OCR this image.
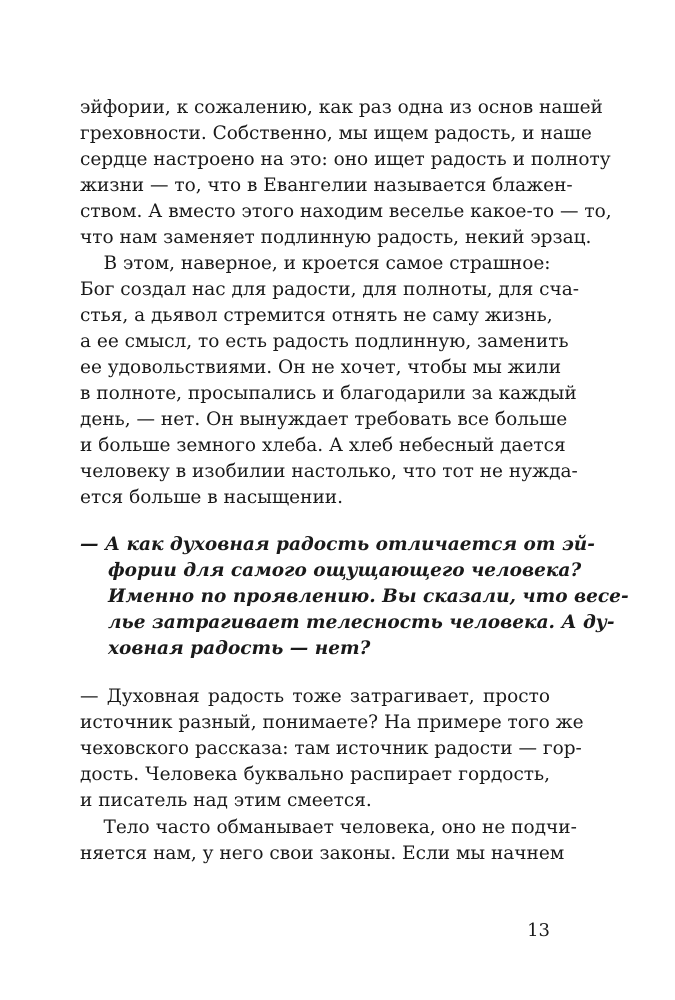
эйфории, к сожалению, как раз одна из основ нашей
греховности. Собственно, мы ищем радость, и наше
сердце настроено на это: оно ищет радость и полноту
жизни — то, что в Евангелии называется блажен-
ством. А вместо этого находим веселье какое-то — то,
что нам заменяет подлинную радость, некий эрзац.
В этом, наверное, и кроется самое страшное:
Бог создал нас для радости, для полноты, для сча-
стья, а дьявол стремится отнять не саму жизнь,
а ее смысл, то есть радость подлинную, заменить
ее удовольствиями. Он не хочет, чтобы мы жили
в полноте, просыпались и благодарили за каждый
день, — нет. Он вынуждает требовать все больше
и больше земного хлеба. А хлеб небесный дается
человеку в изобилии настолько, что тот не нужда-
ется больше в насыщении.
— А как духовная радость отличается от эй-
фории для самого ощущающего человека?
Именно по проявлению. Вы сказали, что весе-
лье затрагивает телесность человека. А ду-
ховная радость — нет?
— Духовная радость тоже затрагивает, просто
источник разный, понимаете? На примере того же
чеховского рассказа: там источник радости — гор-
дость. Человека буквально распирает гордость,
и писатель над этим смеется.
Тело часто обманывает человека, оно не подчи-
няется нам, у него свои законы. Если мы начнем
13
